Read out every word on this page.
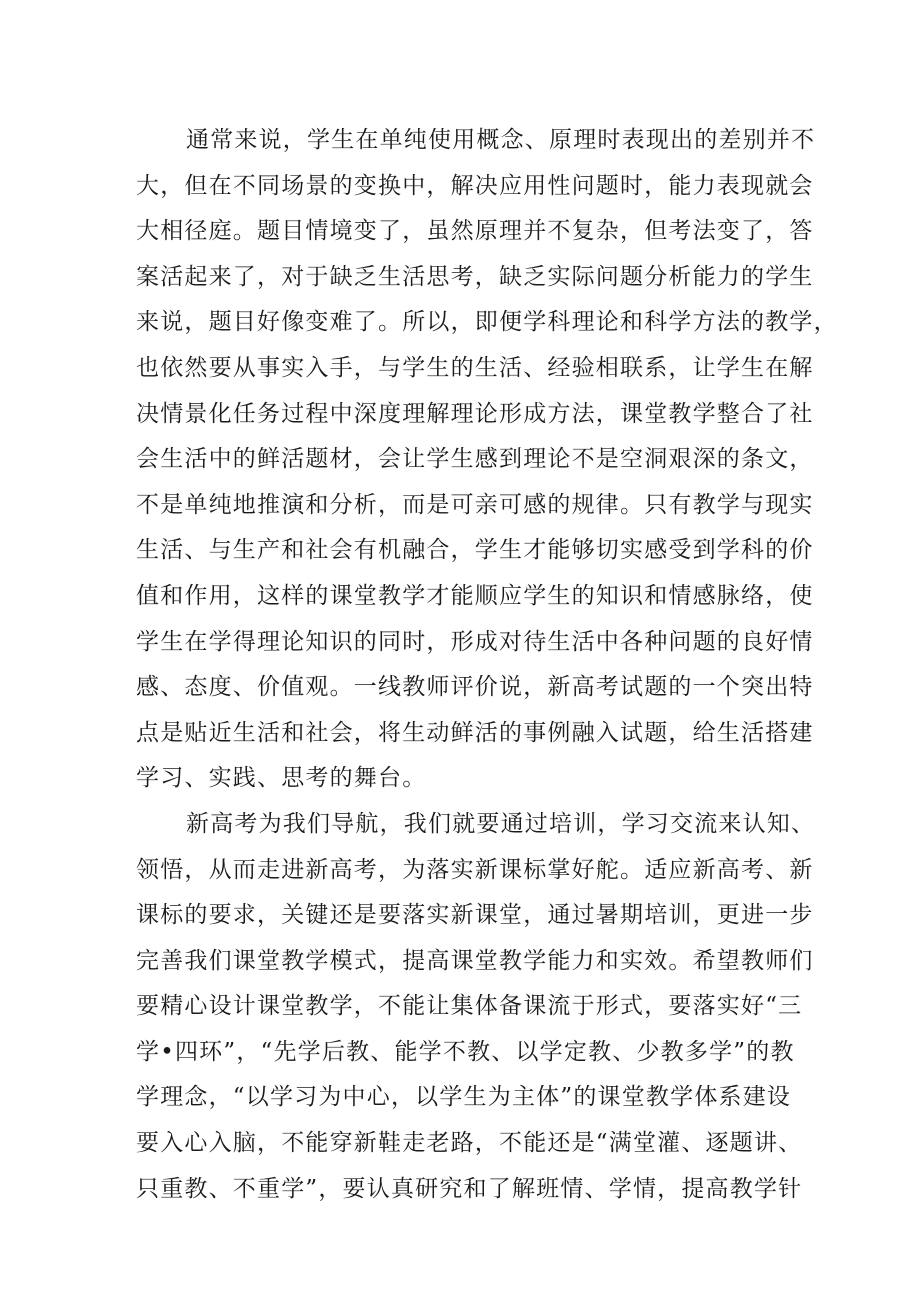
通常来说，学生在单纯使用概念、原理时表现出的差别并不
大，但在不同场景的变换中，解决应用性问题时，能力表现就会
大相径庭。题目情境变了，虽然原理并不复杂，但考法变了，答
案活起来了，对于缺乏生活思考，缺乏实际问题分析能力的学生
来说，题目好像变难了。所以，即便学科理论和科学方法的教学，
也依然要从事实入手，与学生的生活、经验相联系，让学生在解
决情景化任务过程中深度理解理论形成方法，课堂教学整合了社
会生活中的鲜活题材，会让学生感到理论不是空洞艰深的条文，
不是单纯地推演和分析，而是可亲可感的规律。只有教学与现实
生活、与生产和社会有机融合，学生才能够切实感受到学科的价
值和作用，这样的课堂教学才能顺应学生的知识和情感脉络，使
学生在学得理论知识的同时，形成对待生活中各种问题的良好情
感、态度、价值观。一线教师评价说，新高考试题的一个突出特
点是贴近生活和社会，将生动鲜活的事例融入试题，给生活搭建
学习、实践、思考的舞台。
新高考为我们导航，我们就要通过培训，学习交流来认知、
领悟，从而走进新高考，为落实新课标掌好舵。适应新高考、新
课标的要求，关键还是要落实新课堂，通过暑期培训，更进一步
完善我们课堂教学模式，提高课堂教学能力和实效。希望教师们
要精心设计课堂教学，不能让集体备课流于形式，要落实好“三
学•四环”，“先学后教、能学不教、以学定教、少教多学”的教
学理念，“以学习为中心，以学生为主体”的课堂教学体系建设
要入心入脑，不能穿新鞋走老路，不能还是“满堂灌、逐题讲、
只重教、不重学”，要认真研究和了解班情、学情，提高教学针
